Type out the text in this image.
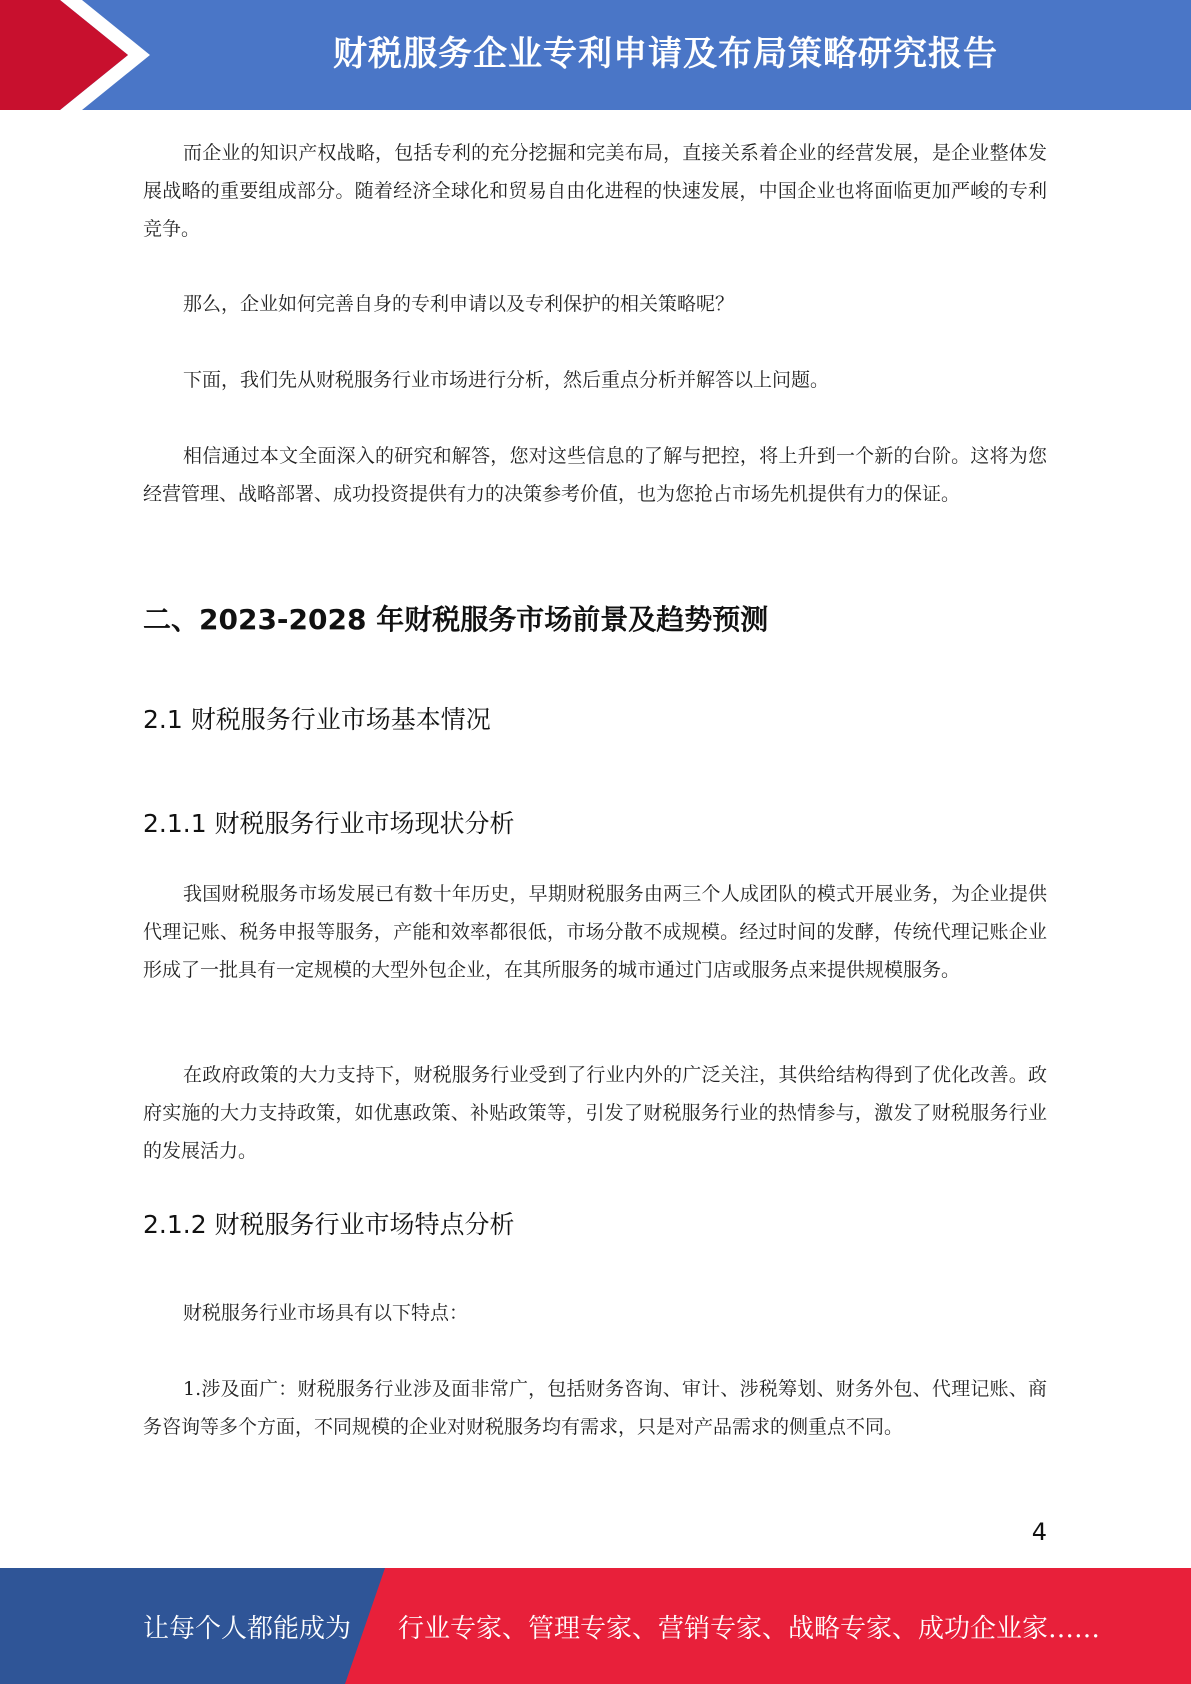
财税服务企业专利申请及布局策略研究报告

而企业的知识产权战略，包括专利的充分挖掘和完美布局，直接关系着企业的经营发展，是企业整体发展战略的重要组成部分。随着经济全球化和贸易自由化进程的快速发展，中国企业也将面临更加严峻的专利竞争。

那么，企业如何完善自身的专利申请以及专利保护的相关策略呢？

下面，我们先从财税服务行业市场进行分析，然后重点分析并解答以上问题。

相信通过本文全面深入的研究和解答，您对这些信息的了解与把控，将上升到一个新的台阶。这将为您经营管理、战略部署、成功投资提供有力的决策参考价值，也为您抢占市场先机提供有力的保证。

二、2023-2028 年财税服务市场前景及趋势预测
2.1 财税服务行业市场基本情况
2.1.1 财税服务行业市场现状分析

我国财税服务市场发展已有数十年历史，早期财税服务由两三个人成团队的模式开展业务，为企业提供代理记账、税务申报等服务，产能和效率都很低，市场分散不成规模。经过时间的发酵，传统代理记账企业形成了一批具有一定规模的大型外包企业，在其所服务的城市通过门店或服务点来提供规模服务。

在政府政策的大力支持下，财税服务行业受到了行业内外的广泛关注，其供给结构得到了优化改善。政府实施的大力支持政策，如优惠政策、补贴政策等，引发了财税服务行业的热情参与，激发了财税服务行业的发展活力。

2.1.2 财税服务行业市场特点分析

财税服务行业市场具有以下特点：

1.涉及面广：财税服务行业涉及面非常广，包括财务咨询、审计、涉税筹划、财务外包、代理记账、商务咨询等多个方面，不同规模的企业对财税服务均有需求，只是对产品需求的侧重点不同。

4
让每个人都能成为 行业专家、管理专家、营销专家、战略专家、成功企业家……
